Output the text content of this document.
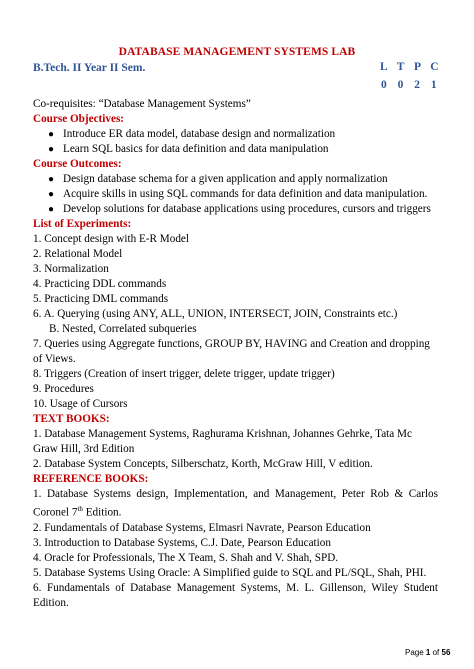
DATABASE MANAGEMENT SYSTEMS LAB
B.Tech. II Year II Sem.	L T P C
0 0 2 1
Co-requisites: “Database Management Systems”
Course Objectives:
● Introduce ER data model, database design and normalization
● Learn SQL basics for data definition and data manipulation
Course Outcomes:
● Design database schema for a given application and apply normalization
● Acquire skills in using SQL commands for data definition and data manipulation.
● Develop solutions for database applications using procedures, cursors and triggers
List of Experiments:
1. Concept design with E-R Model
2. Relational Model
3. Normalization
4. Practicing DDL commands
5. Practicing DML commands
6. A. Querying (using ANY, ALL, UNION, INTERSECT, JOIN, Constraints etc.)
B. Nested, Correlated subqueries
7. Queries using Aggregate functions, GROUP BY, HAVING and Creation and dropping of Views.
8. Triggers (Creation of insert trigger, delete trigger, update trigger)
9. Procedures
10. Usage of Cursors
TEXT BOOKS:
1. Database Management Systems, Raghurama Krishnan, Johannes Gehrke, Tata Mc Graw Hill, 3rd Edition
2. Database System Concepts, Silberschatz, Korth, McGraw Hill, V edition.
REFERENCE BOOKS:
1. Database Systems design, Implementation, and Management, Peter Rob & Carlos Coronel 7th Edition.
2. Fundamentals of Database Systems, Elmasri Navrate, Pearson Education
3. Introduction to Database Systems, C.J. Date, Pearson Education
4. Oracle for Professionals, The X Team, S. Shah and V. Shah, SPD.
5. Database Systems Using Oracle: A Simplified guide to SQL and PL/SQL, Shah, PHI.
6. Fundamentals of Database Management Systems, M. L. Gillenson, Wiley Student Edition.
Page 1 of 56
